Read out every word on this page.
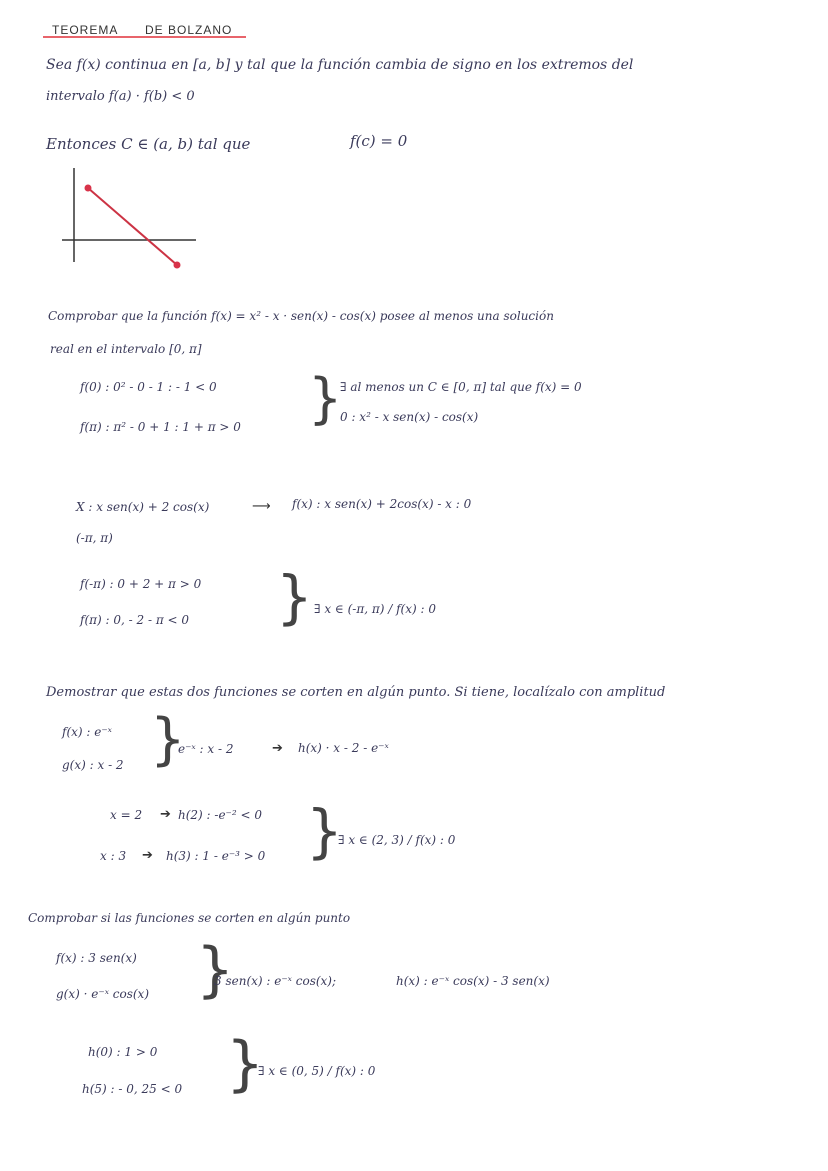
TEOREMA DE BOLZANO
Sea f(x) continua en [a, b] y tal que la función cambia de signo en los extremos del
intervalo f(a) · f(b) < 0
Entonces C ∈ (a, b) tal que	f(c) = 0
Comprobar que la función f(x) = x² - x · sen(x) - cos(x) posee al menos una solución
real en el intervalo [0, π]
f(0) : 0² - 0 - 1 : - 1 < 0
f(π) : π² - 0 + 1 : 1 + π > 0 }
∃ al menos un C ∈ [0, π] tal que f(x) = 0
0 : x² - x sen(x) - cos(x)
X : x sen(x) + 2 cos(x)	⟶ f(x) : x sen(x) + 2cos(x) - x : 0
(-π, π)
f(-π) : 0 + 2 + π > 0
f(π) : 0, - 2 - π < 0 } ∃ x ∈ (-π, π) / f(x) : 0
Demostrar que estas dos funciones se corten en algún punto. Si tiene, localízalo con amplitud
f(x) : e⁻ˣ
g(x) : x - 2 }
e⁻ˣ : x - 2	➔ h(x) · x - 2 - e⁻ˣ
x = 2 ➔ h(2) : -e⁻² < 0
x : 3 ➔ h(3) : 1 - e⁻³ > 0 }
∃ x ∈ (2, 3) / f(x) : 0
Comprobar si las funciones se corten en algún punto
f(x) : 3 sen(x)
g(x) · e⁻ˣ cos(x) }
3 sen(x) : e⁻ˣ cos(x);	h(x) : e⁻ˣ cos(x) - 3 sen(x)
h(0) : 1 > 0
h(5) : - 0, 25 < 0 }
∃ x ∈ (0, 5) / f(x) : 0
